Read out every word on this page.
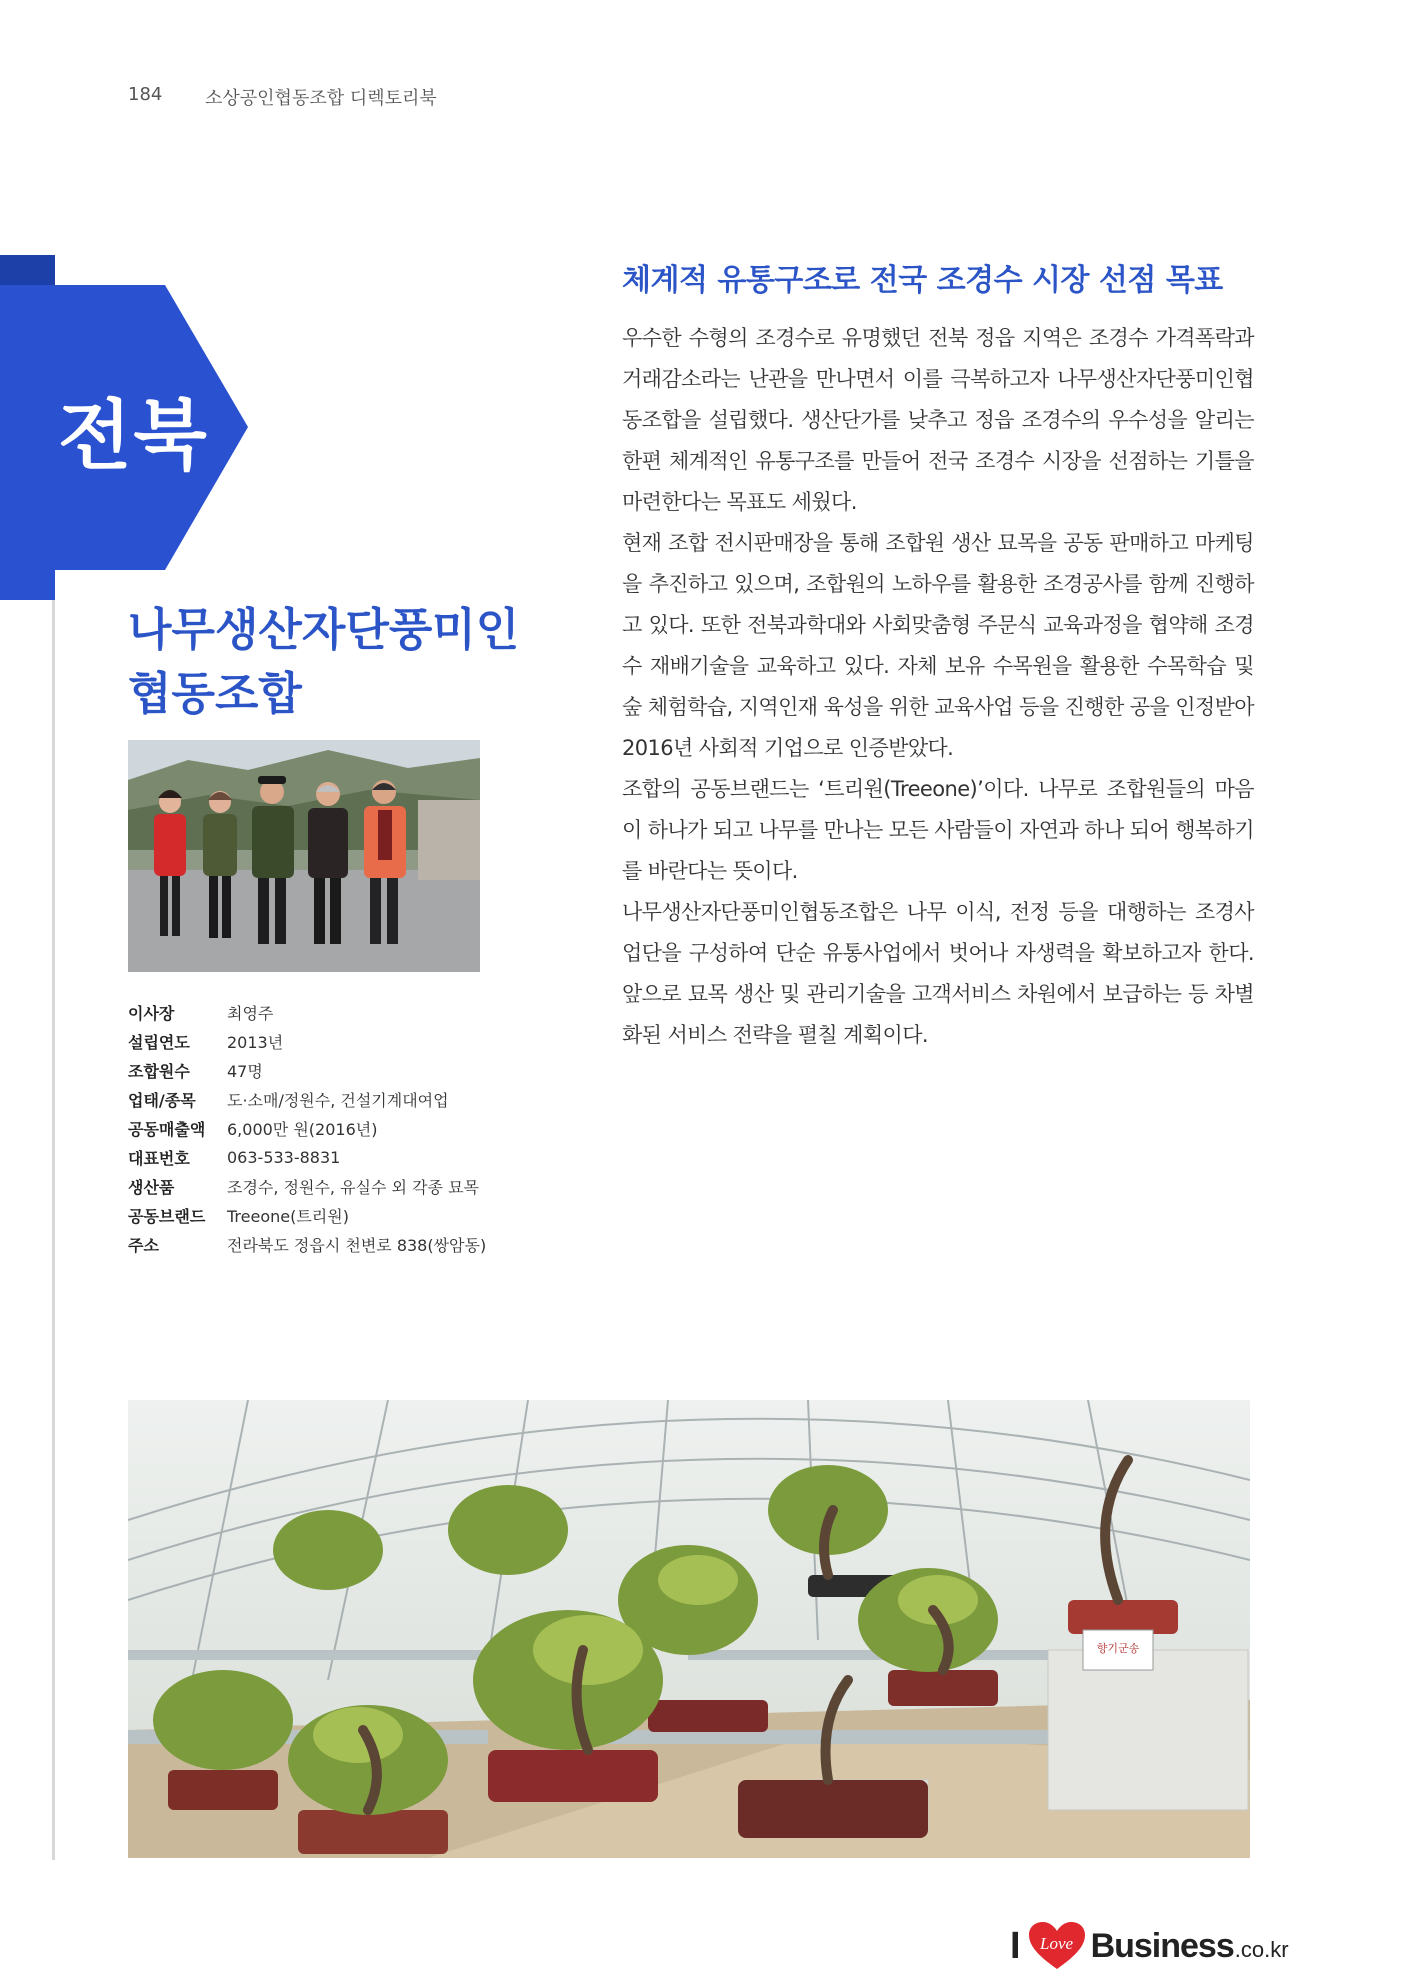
184 소상공인협동조합 디렉토리북
전북
나무생산자단풍미인
협동조합
이사장	최영주
설립연도	2013년
조합원수	47명
업태/종목	도·소매/정원수, 건설기계대여업
공동매출액	6,000만 원(2016년)
대표번호	063-533-8831
생산품	조경수, 정원수, 유실수 외 각종 묘목
공동브랜드	Treeone(트리원)
주소	전라북도 정읍시 천변로 838(쌍암동)
체계적 유통구조로 전국 조경수 시장 선점 목표

우수한 수형의 조경수로 유명했던 전북 정읍 지역은 조경수 가격폭락과 거래감소라는 난관을 만나면서 이를 극복하고자 나무생산자단풍미인협동조합을 설립했다. 생산단가를 낮추고 정읍 조경수의 우수성을 알리는 한편 체계적인 유통구조를 만들어 전국 조경수 시장을 선점하는 기틀을 마련한다는 목표도 세웠다.

현재 조합 전시판매장을 통해 조합원 생산 묘목을 공동 판매하고 마케팅을 추진하고 있으며, 조합원의 노하우를 활용한 조경공사를 함께 진행하고 있다. 또한 전북과학대와 사회맞춤형 주문식 교육과정을 협약해 조경수 재배기술을 교육하고 있다. 자체 보유 수목원을 활용한 수목학습 및 숲 체험학습, 지역인재 육성을 위한 교육사업 등을 진행한 공을 인정받아 2016년 사회적 기업으로 인증받았다.

조합의 공동브랜드는 ‘트리원(Treeone)’이다. 나무로 조합원들의 마음이 하나가 되고 나무를 만나는 모든 사람들이 자연과 하나 되어 행복하기를 바란다는 뜻이다.

나무생산자단풍미인협동조합은 나무 이식, 전정 등을 대행하는 조경사업단을 구성하여 단순 유통사업에서 벗어나 자생력을 확보하고자 한다. 앞으로 묘목 생산 및 관리기술을 고객서비스 차원에서 보급하는 등 차별화된 서비스 전략을 펼칠 계획이다.

향기군송
I	Love Business .co.kr
